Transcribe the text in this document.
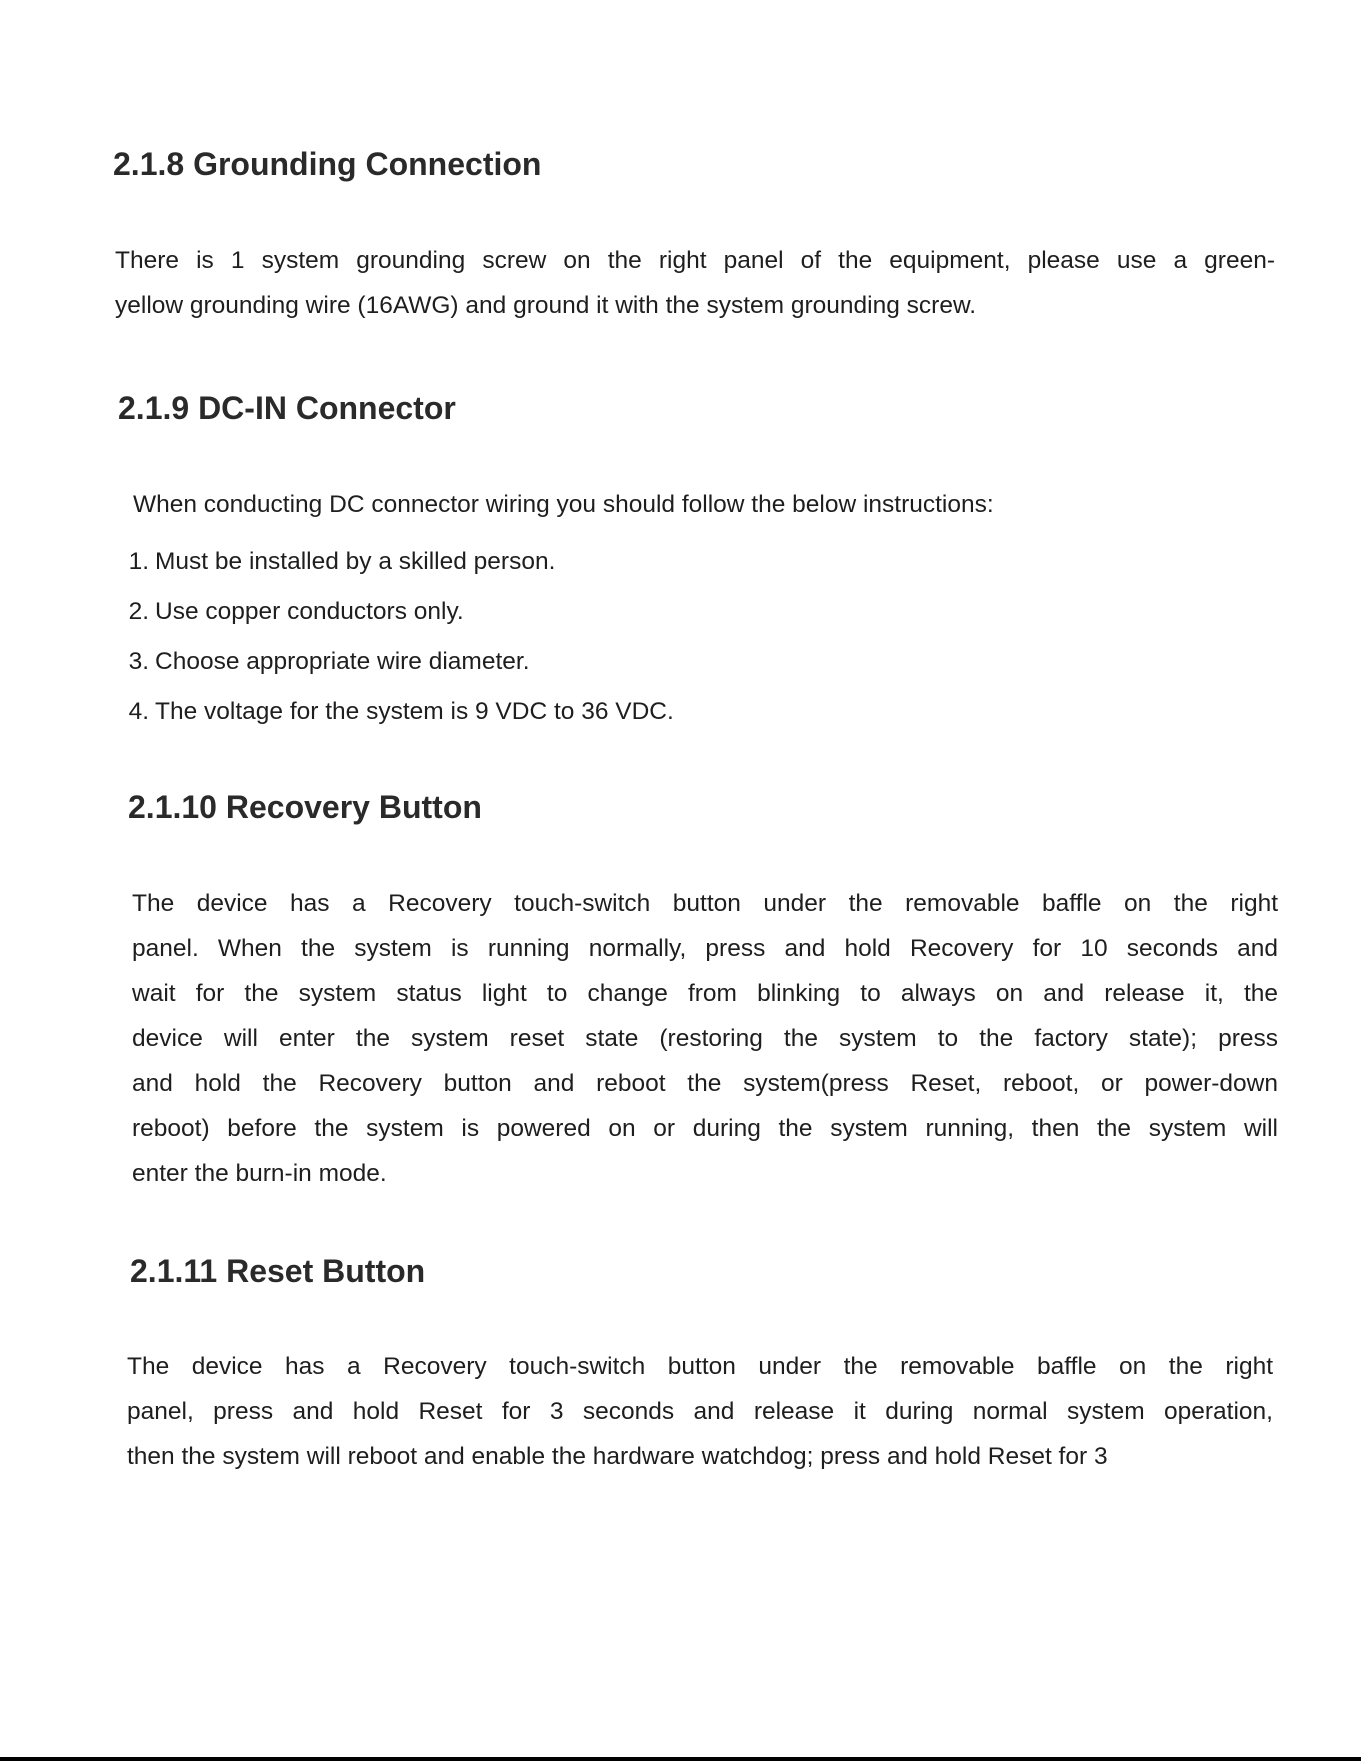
2.1.8 Grounding Connection
There is 1 system grounding screw on the right panel of the equipment, please use a green-
yellow grounding wire (16AWG) and ground it with the system grounding screw.
2.1.9 DC-IN Connector

When conducting DC connector wiring you should follow the below instructions:

1. Must be installed by a skilled person.
2. Use copper conductors only.
3. Choose appropriate wire diameter.
4. The voltage for the system is 9 VDC to 36 VDC.
2.1.10 Recovery Button
The device has a Recovery touch-switch button under the removable baffle on the right
panel. When the system is running normally, press and hold Recovery for 10 seconds and
wait for the system status light to change from blinking to always on and release it, the
device will enter the system reset state (restoring the system to the factory state); press
and hold the Recovery button and reboot the system(press Reset, reboot, or power-down
reboot) before the system is powered on or during the system running, then the system will
enter the burn-in mode.
2.1.11 Reset Button
The device has a Recovery touch-switch button under the removable baffle on the right
panel, press and hold Reset for 3 seconds and release it during normal system operation,
then the system will reboot and enable the hardware watchdog; press and hold Reset for 3
